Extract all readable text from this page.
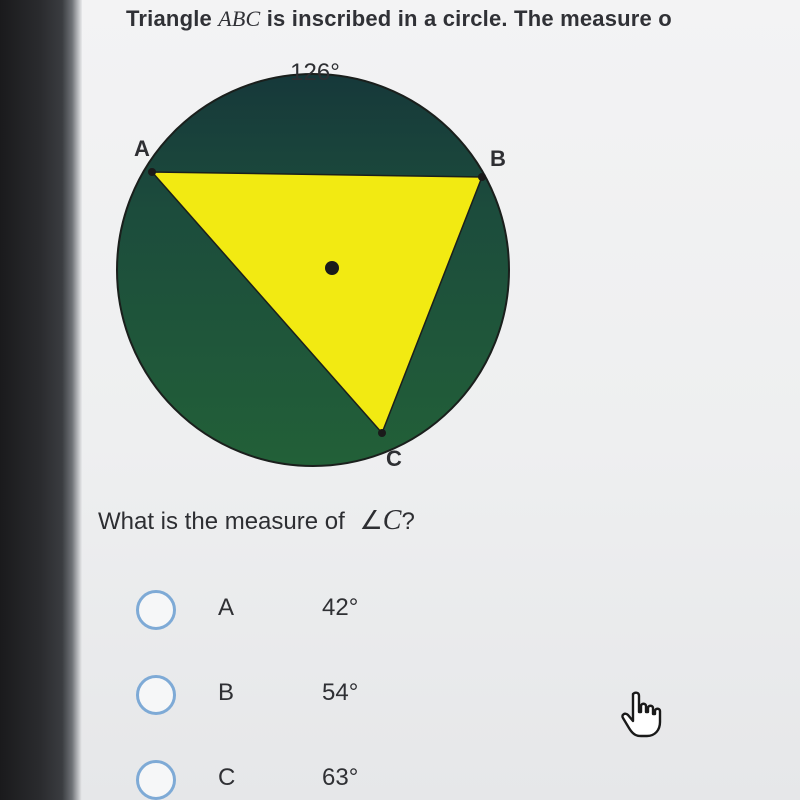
Triangle ABC is inscribed in a circle. The measure o
126°
A	B
C
What is the measure of ∠C?
A	42°
B	54°
C	63°
